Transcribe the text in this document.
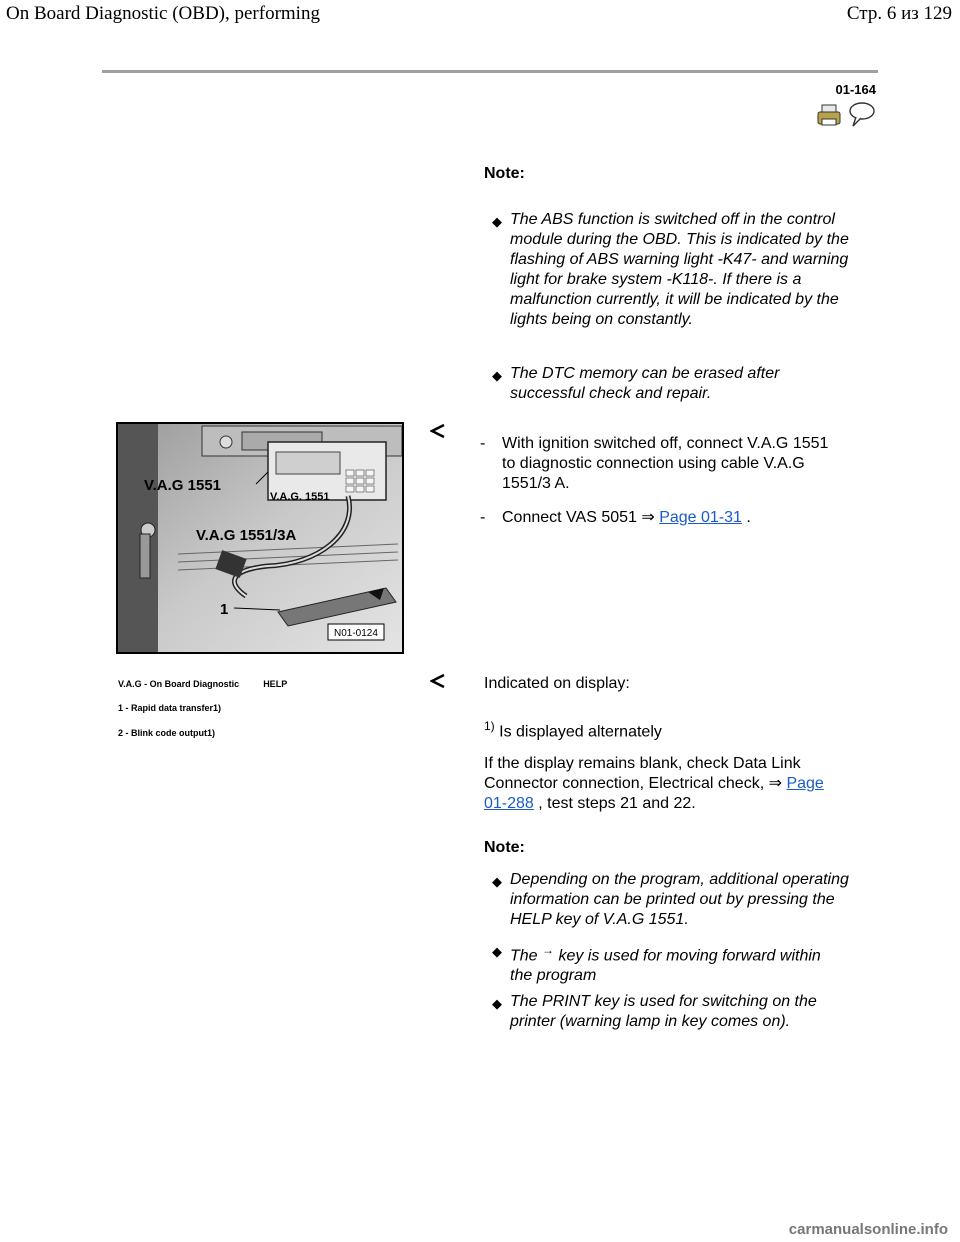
On Board Diagnostic (OBD), performing	Стр. 6 из 129
01-164
Note:
◆ The ABS function is switched off in the control
module during the OBD. This is indicated by the
flashing of ABS warning light -K47- and warning
light for brake system -K118-. If there is a
malfunction currently, it will be indicated by the
lights being on constantly.
◆ The DTC memory can be erased after
successful check and repair.
- With ignition switched off, connect V.A.G 1551
to diagnostic connection using cable V.A.G
1551/3 A.
- Connect VAS 5051 ⇒ Page 01-31 .
V.A.G 1551
V.A.G. 1551
V.A.G 1551/3A
1
N01-0124
V.A.G - On Board Diagnostic	HELP
1 - Rapid data transfer1)
2 - Blink code output1)
Indicated on display:
$^{1)}$ Is displayed alternately
If the display remains blank, check Data Link
Connector connection, Electrical check, ⇒ Page
01-288 , test steps 21 and 22.
Note:
◆ Depending on the program, additional operating
information can be printed out by pressing the
HELP key of V.A.G 1551.
◆ The → key is used for moving forward within
the program
◆ The PRINT key is used for switching on the
printer (warning lamp in key comes on).
carmanualsonline.info
